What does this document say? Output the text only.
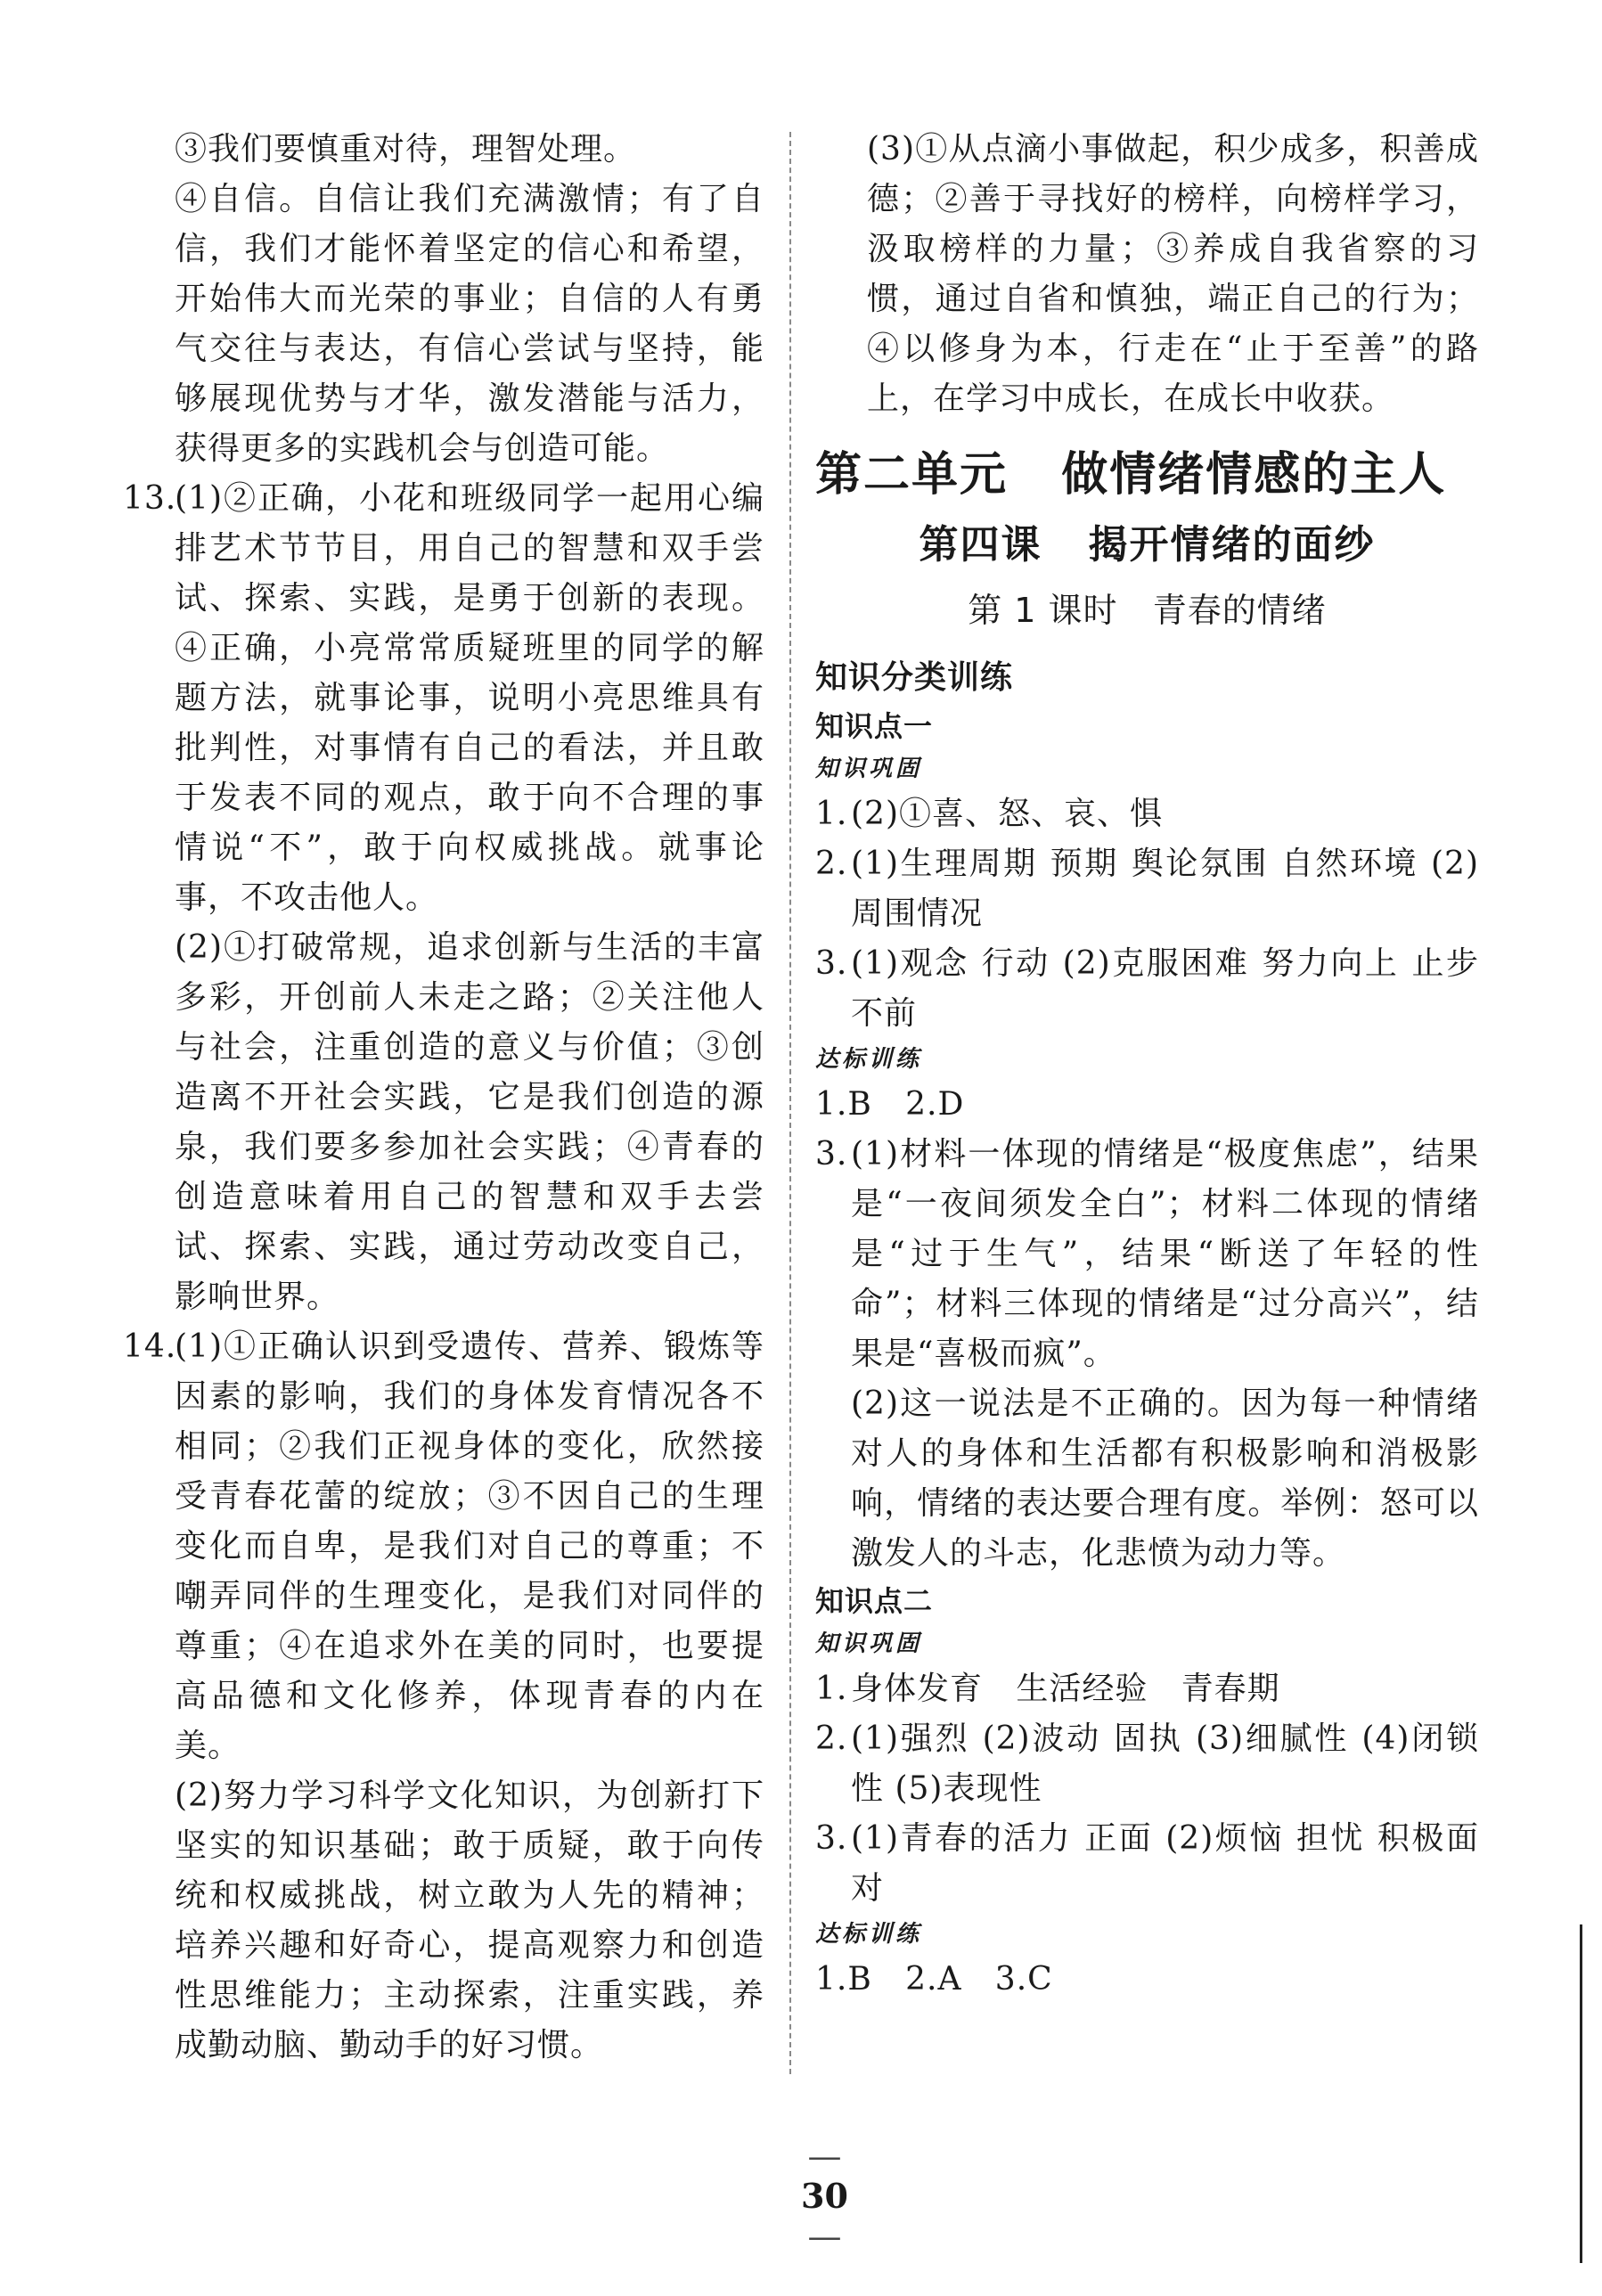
③我们要慎重对待，理智处理。

④自信。自信让我们充满激情；有了自信，我们才能怀着坚定的信心和希望，开始伟大而光荣的事业；自信的人有勇气交往与表达，有信心尝试与坚持，能够展现优势与才华，激发潜能与活力，获得更多的实践机会与创造可能。

13.
(1)②正确，小花和班级同学一起用心编排艺术节节目，用自己的智慧和双手尝试、探索、实践，是勇于创新的表现。④正确，小亮常常质疑班里的同学的解题方法，就事论事，说明小亮思维具有批判性，对事情有自己的看法，并且敢于发表不同的观点，敢于向不合理的事情说“不”，敢于向权威挑战。就事论事，不攻击他人。

(2)①打破常规，追求创新与生活的丰富多彩，开创前人未走之路；②关注他人与社会，注重创造的意义与价值；③创造离不开社会实践，它是我们创造的源泉，我们要多参加社会实践；④青春的创造意味着用自己的智慧和双手去尝试、探索、实践，通过劳动改变自己，影响世界。

14.
(1)①正确认识到受遗传、营养、锻炼等因素的影响，我们的身体发育情况各不相同；②我们正视身体的变化，欣然接受青春花蕾的绽放；③不因自己的生理变化而自卑，是我们对自己的尊重；不嘲弄同伴的生理变化，是我们对同伴的尊重；④在追求外在美的同时，也要提高品德和文化修养，体现青春的内在美。

(2)努力学习科学文化知识，为创新打下坚实的知识基础；敢于质疑，敢于向传统和权威挑战，树立敢为人先的精神；培养兴趣和好奇心，提高观察力和创造性思维能力；主动探索，注重实践，养成勤动脑、勤动手的好习惯。

(3)①从点滴小事做起，积少成多，积善成德；②善于寻找好的榜样，向榜样学习，汲取榜样的力量；③养成自我省察的习惯，通过自省和慎独，端正自己的行为；④以修身为本，行走在“止于至善”的路上，在学习中成长，在成长中收获。

第二单元   做情绪情感的主人
第四课   揭开情绪的面纱
第 1 课时   青春的情绪
知识分类训练
知识点一
知识巩固
1. (2)①喜、怒、哀、惧
2. (1)生理周期 预期 舆论氛围 自然环境 (2)周围情况
3. (1)观念 行动 (2)克服困难 努力向上 止步不前
达标训练

1.B   2.D

3. (1)材料一体现的情绪是“极度焦虑”，结果是“一夜间须发全白”；材料二体现的情绪是“过于生气”，结果“断送了年轻的性命”；材料三体现的情绪是“过分高兴”，结果是“喜极而疯”。

(2)这一说法是不正确的。因为每一种情绪对人的身体和生活都有积极影响和消极影响，情绪的表达要合理有度。举例：怒可以激发人的斗志，化悲愤为动力等。

知识点二
知识巩固
1. 身体发育   生活经验   青春期
2. (1)强烈 (2)波动 固执 (3)细腻性 (4)闭锁性 (5)表现性
3. (1)青春的活力 正面 (2)烦恼 担忧 积极面对
达标训练

1.B   2.A   3.C

—
30
—
